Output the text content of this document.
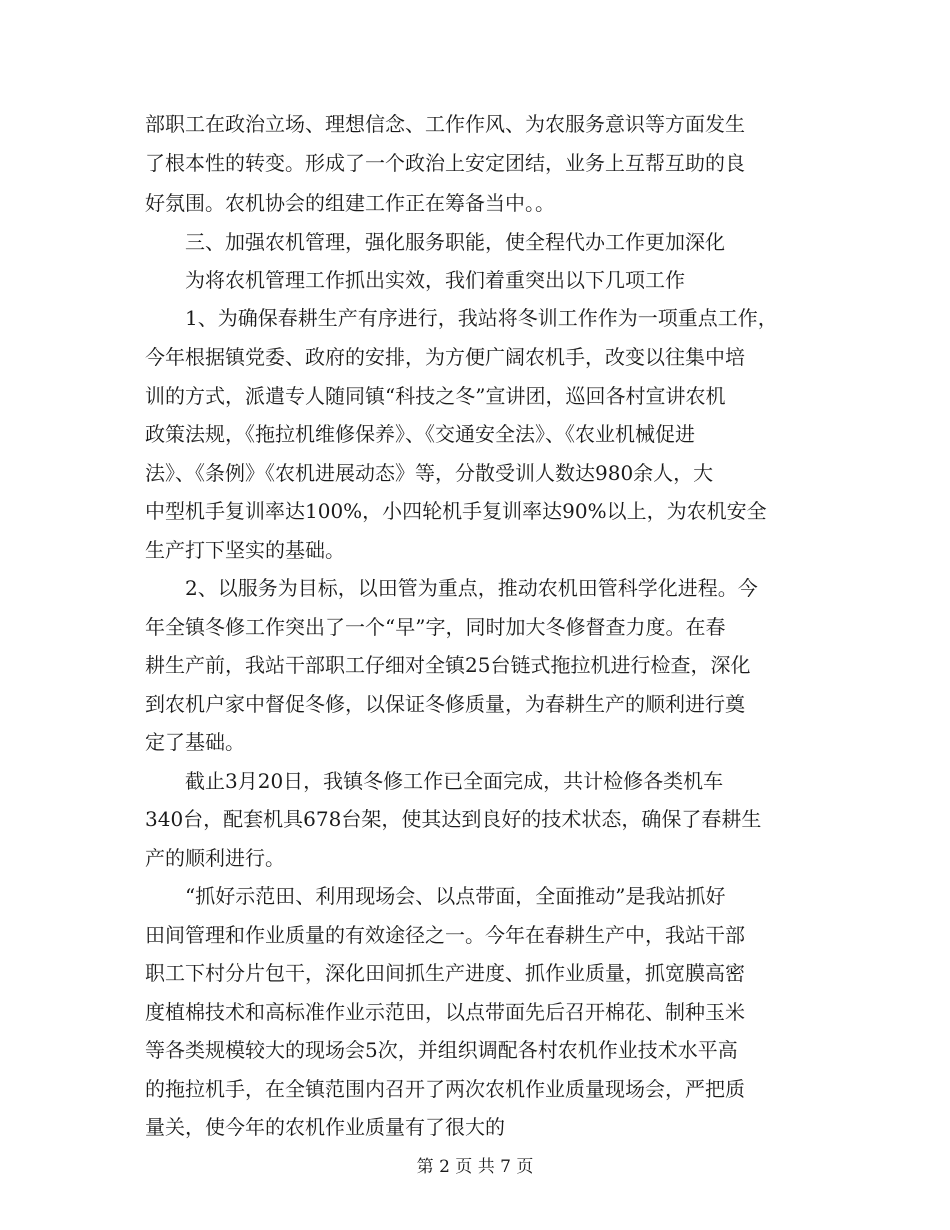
部职工在政治立场、理想信念、工作作风、为农服务意识等方面发生
了根本性的转变。形成了一个政治上安定团结，业务上互帮互助的良
好氛围。农机协会的组建工作正在筹备当中。。
三、加强农机管理，强化服务职能，使全程代办工作更加深化
为将农机管理工作抓出实效，我们着重突出以下几项工作
1、为确保春耕生产有序进行，我站将冬训工作作为一项重点工作，
今年根据镇党委、政府的安排，为方便广阔农机手，改变以往集中培
训的方式，派遣专人随同镇“科技之冬”宣讲团，巡回各村宣讲农机
政策法规，《拖拉机维修保养》、《交通安全法》、《农业机械促进
法》、《条例》《农机进展动态》等，分散受训人数达980余人，大
中型机手复训率达100%，小四轮机手复训率达90%以上，为农机安全
生产打下坚实的基础。
2、以服务为目标，以田管为重点，推动农机田管科学化进程。今
年全镇冬修工作突出了一个“早”字，同时加大冬修督查力度。在春
耕生产前，我站干部职工仔细对全镇25台链式拖拉机进行检查，深化
到农机户家中督促冬修，以保证冬修质量，为春耕生产的顺利进行奠
定了基础。
截止3月20日，我镇冬修工作已全面完成，共计检修各类机车
340台，配套机具678台架，使其达到良好的技术状态，确保了春耕生
产的顺利进行。
“抓好示范田、利用现场会、以点带面，全面推动”是我站抓好
田间管理和作业质量的有效途径之一。今年在春耕生产中，我站干部
职工下村分片包干，深化田间抓生产进度、抓作业质量，抓宽膜高密
度植棉技术和高标准作业示范田，以点带面先后召开棉花、制种玉米
等各类规模较大的现场会5次，并组织调配各村农机作业技术水平高
的拖拉机手，在全镇范围内召开了两次农机作业质量现场会，严把质
量关，使今年的农机作业质量有了很大的
第 2 页 共 7 页
